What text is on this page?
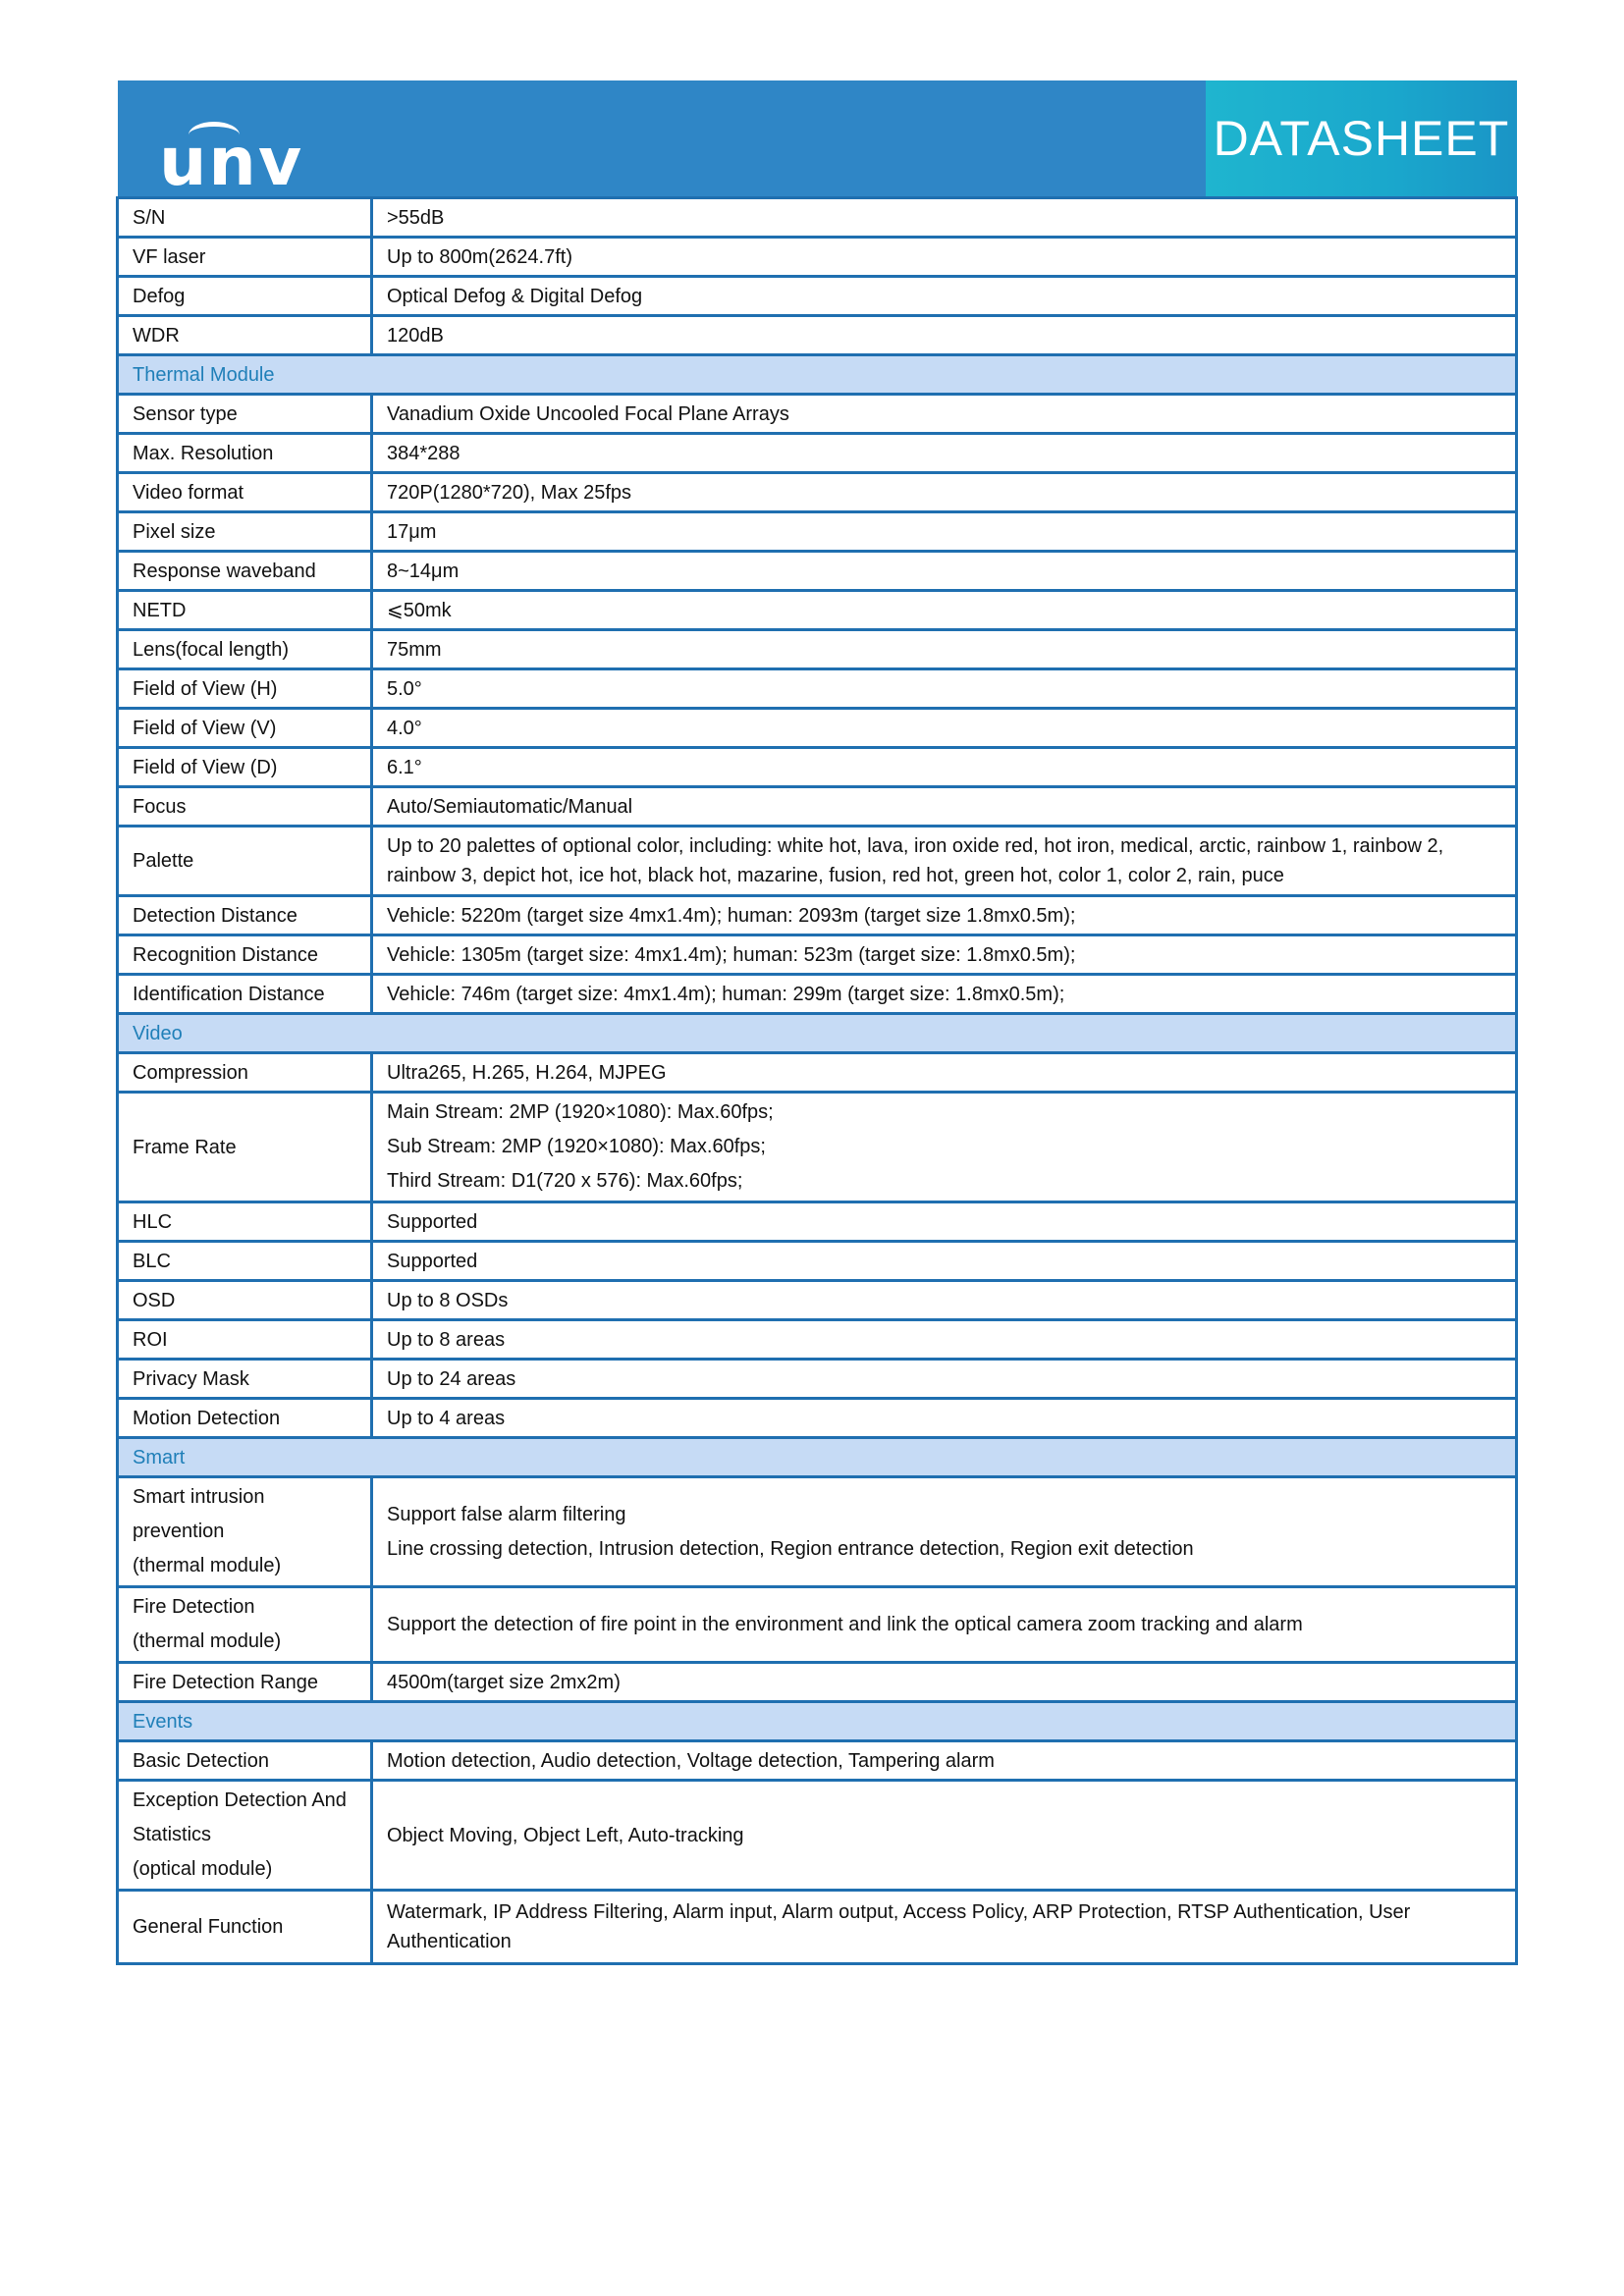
unv	DATASHEET
S/N	>55dB
VF laser	Up to 800m(2624.7ft)
Defog	Optical Defog & Digital Defog
WDR	120dB
Thermal Module	
Sensor type	Vanadium Oxide Uncooled Focal Plane Arrays
Max. Resolution	384*288
Video format	720P(1280*720), Max 25fps
Pixel size	17μm
Response waveband	8~14μm
NETD	⩽50mk
Lens(focal length)	75mm
Field of View (H)	5.0°
Field of View (V)	4.0°
Field of View (D)	6.1°
Focus	Auto/Semiautomatic/Manual
Palette	Up to 20 palettes of optional color, including: white hot, lava, iron oxide red, hot iron, medical, arctic, rainbow 1, rainbow 2, rainbow 3, depict hot, ice hot, black hot, mazarine, fusion, red hot, green hot, color 1, color 2, rain, puce
Detection Distance	Vehicle: 5220m (target size 4mx1.4m); human: 2093m (target size 1.8mx0.5m);
Recognition Distance	Vehicle: 1305m (target size: 4mx1.4m); human: 523m (target size: 1.8mx0.5m);
Identification Distance	Vehicle: 746m (target size: 4mx1.4m); human: 299m (target size: 1.8mx0.5m);
Video	
Compression	Ultra265, H.265, H.264, MJPEG
Frame Rate	Main Stream: 2MP (1920×1080): Max.60fps;
Sub Stream: 2MP (1920×1080): Max.60fps;
Third Stream: D1(720 x 576): Max.60fps;

HLC	Supported
BLC	Supported
OSD	Up to 8 OSDs
ROI	Up to 8 areas
Privacy Mask	Up to 24 areas
Motion Detection	Up to 4 areas
Smart	

Smart intrusion
prevention
(thermal module)	Support false alarm filtering
Line crossing detection, Intrusion detection, Region entrance detection, Region exit detection

Fire Detection
(thermal module)	Support the detection of fire point in the environment and link the optical camera zoom tracking and alarm
Fire Detection Range	4500m(target size 2mx2m)
Events	
Basic Detection	Motion detection, Audio detection, Voltage detection, Tampering alarm

Exception Detection And
Statistics
(optical module)	Object Moving, Object Left, Auto-tracking
General Function	Watermark, IP Address Filtering, Alarm input, Alarm output, Access Policy, ARP Protection, RTSP Authentication, User Authentication
